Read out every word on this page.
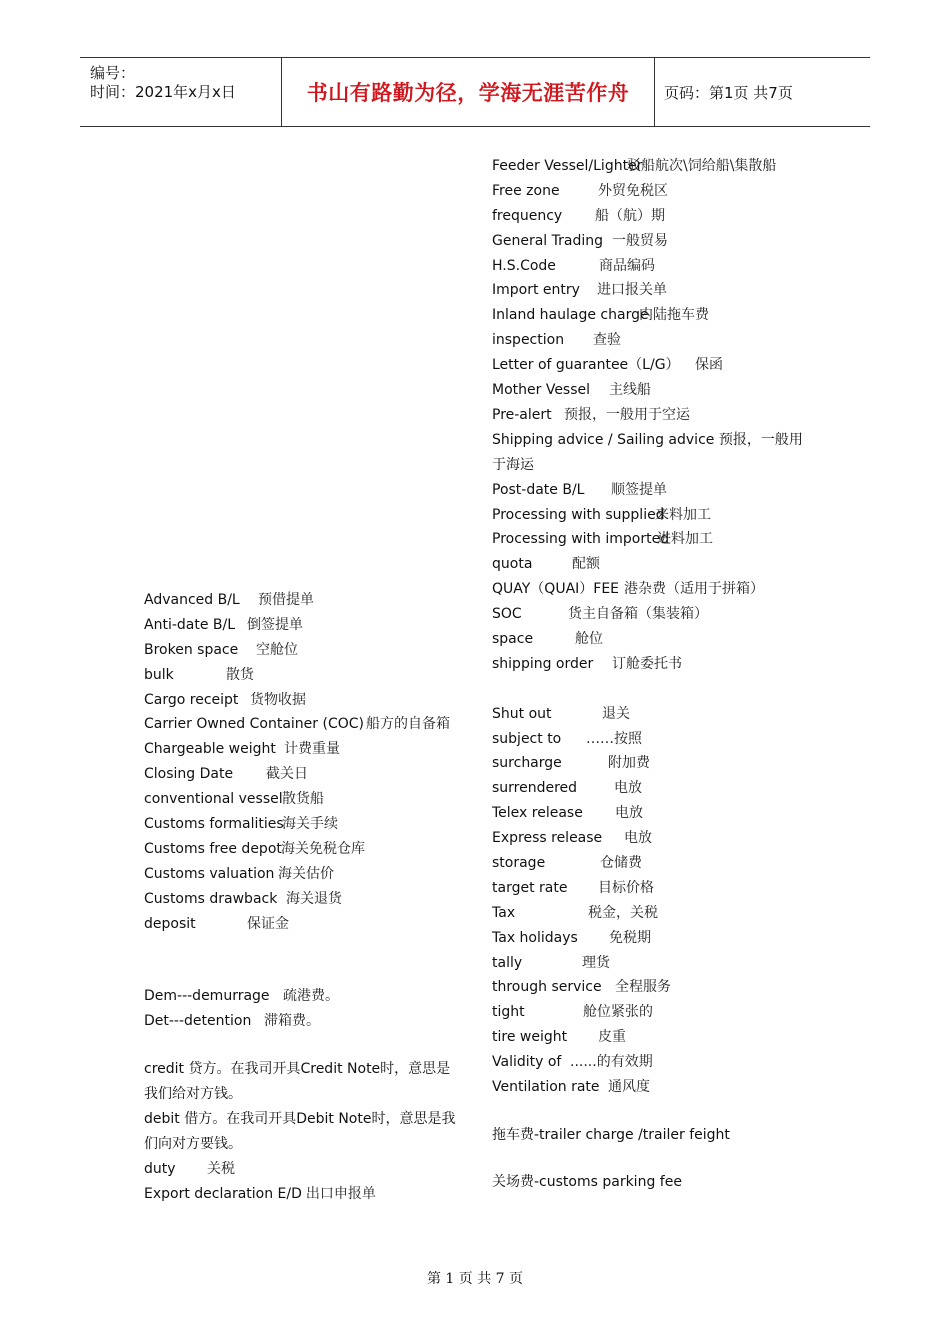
编号：
时间：2021年x月x日	书山有路勤为径，学海无涯苦作舟 页码：第1页 共7页
Advanced B/L 预借提单
Anti-date B/L 倒签提单
Broken space 空舱位
bulk	散货
Cargo receipt 货物收据
Carrier Owned Container (COC) 船方的自备箱
Chargeable weight 计费重量
Closing Date 截关日
conventional vessel散货船
Customs formalities海关手续
Customs free depot海关免税仓库
Customs valuation 海关估价
Customs drawback 海关退货
deposit	保证金
Dem---demurrage 疏港费。
Det---detention 滞箱费。
credit 贷方。在我司开具Credit Note时，意思是我们给对方钱。
debit 借方。在我司开具Debit Note时，意思是我们向对方要钱。
duty 关税
Export declaration E/D 出口申报单
Feeder Vessel/Lighter驳船航次\饲给船\集散船
Free zone	外贸免税区
frequency 船（航）期
General Trading 一般贸易
H.S.Code	商品编码
Import entry 进口报关单
Inland haulage charge内陆拖车费
inspection 查验
Letter of guarantee（L/G） 保函
Mother Vessel 主线船
Pre-alert 预报，一般用于空运
Shipping advice / Sailing advice 预报，一般用于海运
Post-date B/L 顺签提单
Processing with supplied来料加工
Processing with imported进料加工
quota	配额
QUAY（QUAI）FEE 港杂费（适用于拼箱）
SOC	货主自备箱（集装箱）
space	舱位
shipping order 订舱委托书
Shut out	退关
subject to ……按照
surcharge	附加费
surrendered	电放
Telex release 电放
Express release 电放
storage	仓储费
target rate 目标价格
Tax	税金，关税
Tax holidays 免税期
tally	理货
through service 全程服务
tight	舱位紧张的
tire weight 皮重
Validity of ......的有效期
Ventilation rate 通风度
拖车费-trailer charge /trailer feight
关场费-customs parking fee
第 1 页 共 7 页
